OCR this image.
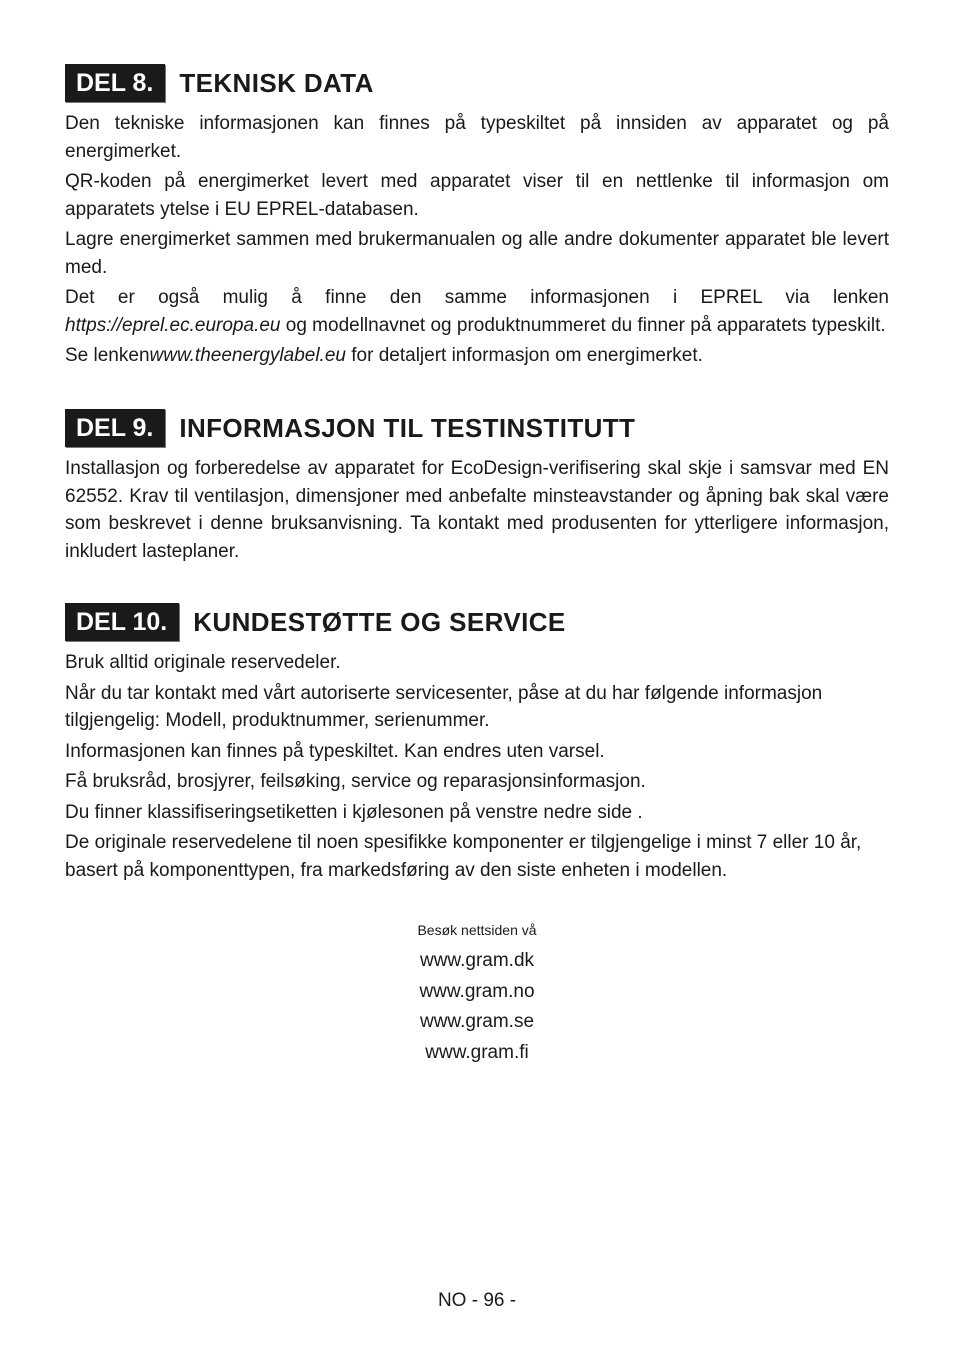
DEL 8.	TEKNISK DATA

Den tekniske informasjonen kan finnes på typeskiltet på innsiden av apparatet og på energimerket.

QR-koden på energimerket levert med apparatet viser til en nettlenke til informasjon om apparatets ytelse i EU EPREL-databasen.

Lagre energimerket sammen med brukermanualen og alle andre dokumenter apparatet ble levert med.

Det er også mulig å finne den samme informasjonen i EPREL via lenken https://eprel.ec.europa.eu og modellnavnet og produktnummeret du finner på apparatets typeskilt.

Se lenkenwww.theenergylabel.eu for detaljert informasjon om energimerket.

DEL 9.	INFORMASJON TIL TESTINSTITUTT

Installasjon og forberedelse av apparatet for EcoDesign-verifisering skal skje i samsvar med EN 62552. Krav til ventilasjon, dimensjoner med anbefalte minsteavstander og åpning bak skal være som beskrevet i denne bruksanvisning. Ta kontakt med produsenten for ytterligere informasjon, inkludert lasteplaner.

DEL 10.	KUNDESTØTTE OG SERVICE

Bruk alltid originale reservedeler.

Når du tar kontakt med vårt autoriserte servicesenter, påse at du har følgende informasjon tilgjengelig: Modell, produktnummer, serienummer.

Informasjonen kan finnes på typeskiltet. Kan endres uten varsel.

Få bruksråd, brosjyrer, feilsøking, service og reparasjonsinformasjon.

Du finner klassifiseringsetiketten i kjølesonen på venstre nedre side .

De originale reservedelene til noen spesifikke komponenter er tilgjengelige i minst 7 eller 10 år, basert på komponenttypen, fra markedsføring av den siste enheten i modellen.

Besøk nettsiden vå
www.gram.dk
www.gram.no
www.gram.se
www.gram.fi
NO - 96 -
